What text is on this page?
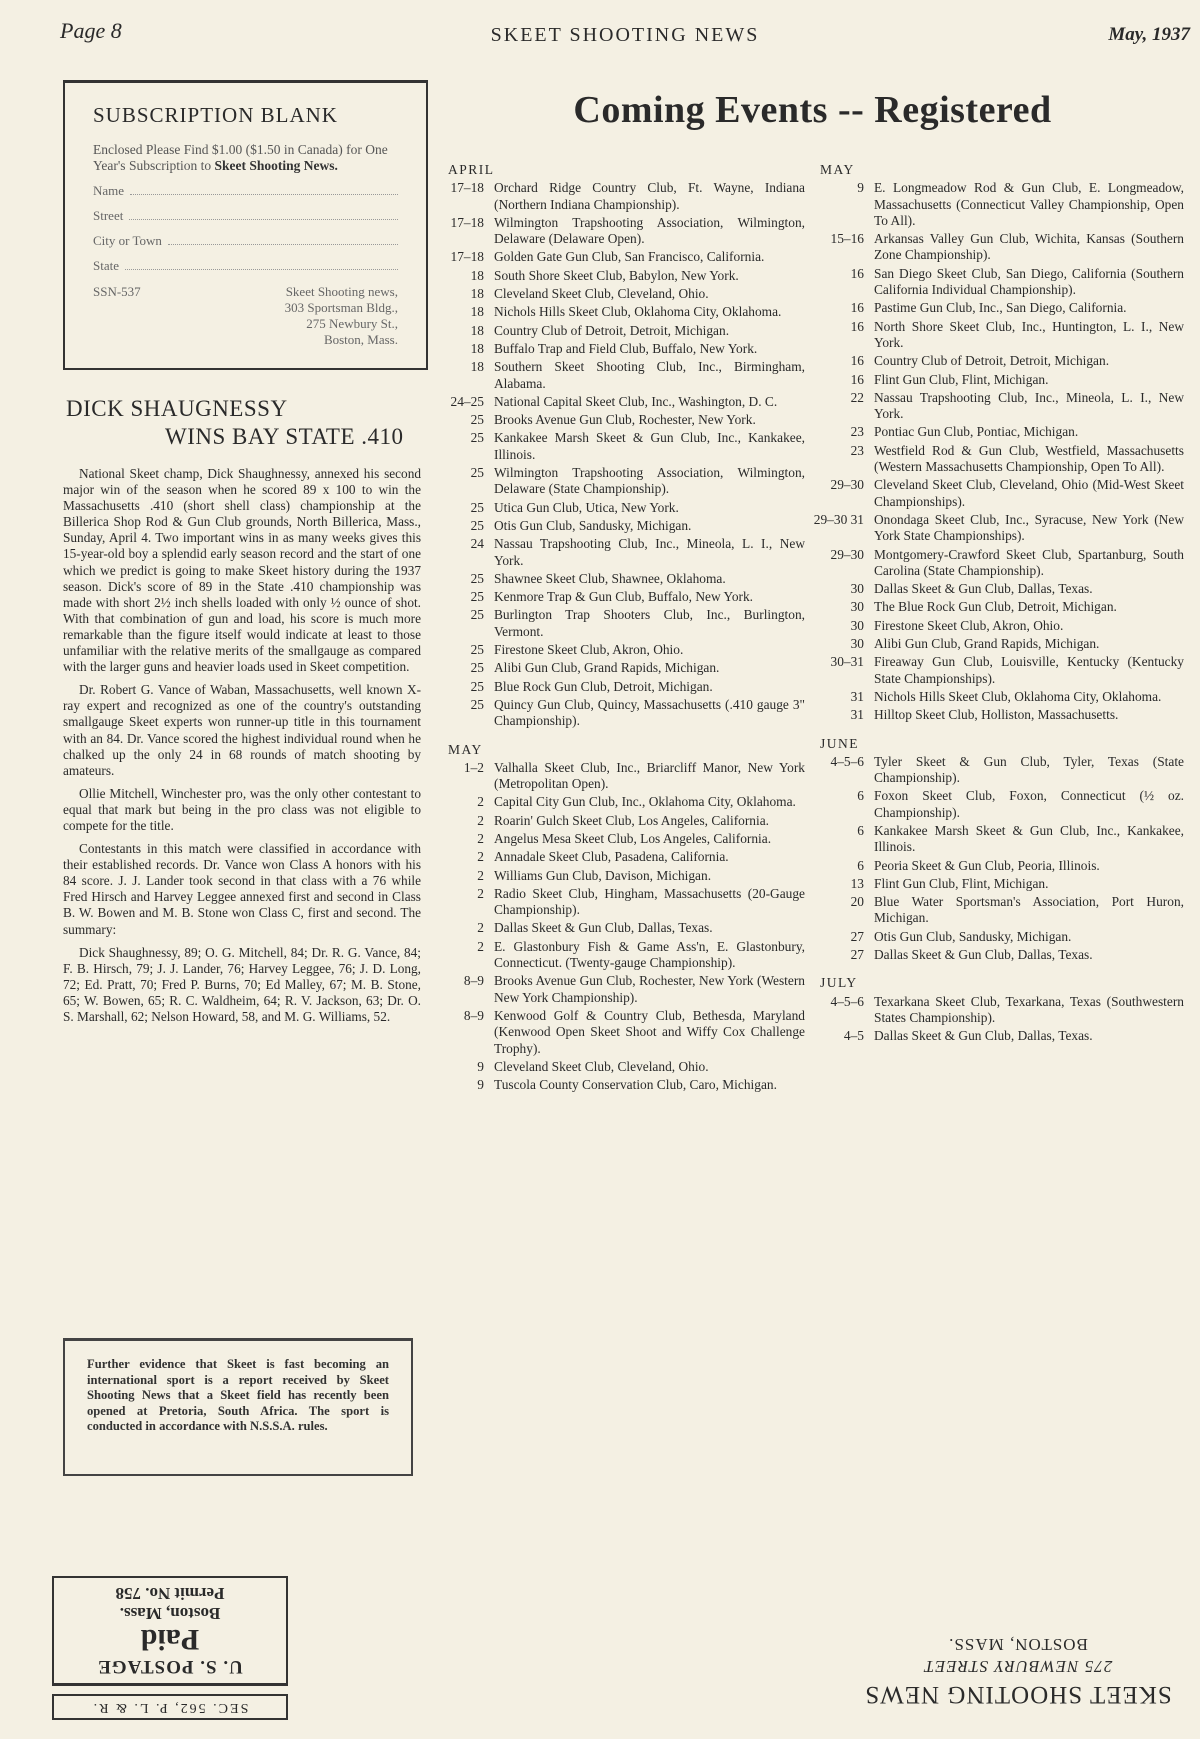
Page 8	SKEET SHOOTING NEWS	May, 1937
SUBSCRIPTION BLANK
Enclosed Please Find $1.00 ($1.50 in Canada) for One Year's Subscription to Skeet Shooting News.
Name
Street
City or Town
State
SSN-537	Skeet Shooting news,
303 Sportsman Bldg.,
275 Newbury St.,
Boston, Mass.
DICK SHAUGNESSY
WINS BAY STATE .410

National Skeet champ, Dick Shaughnessy, annexed his second major win of the season when he scored 89 x 100 to win the Massachusetts .410 (short shell class) championship at the Billerica Shop Rod & Gun Club grounds, North Billerica, Mass., Sunday, April 4. Two important wins in as many weeks gives this 15-year-old boy a splendid early season record and the start of one which we predict is going to make Skeet history during the 1937 season. Dick's score of 89 in the State .410 championship was made with short 2½ inch shells loaded with only ½ ounce of shot. With that combination of gun and load, his score is much more remarkable than the figure itself would indicate at least to those unfamiliar with the relative merits of the smallgauge as compared with the larger guns and heavier loads used in Skeet competition.

Dr. Robert G. Vance of Waban, Massachusetts, well known X-ray expert and recognized as one of the country's outstanding smallgauge Skeet experts won runner-up title in this tournament with an 84. Dr. Vance scored the highest individual round when he chalked up the only 24 in 68 rounds of match shooting by amateurs.

Ollie Mitchell, Winchester pro, was the only other contestant to equal that mark but being in the pro class was not eligible to compete for the title.

Contestants in this match were classified in accordance with their established records. Dr. Vance won Class A honors with his 84 score. J. J. Lander took second in that class with a 76 while Fred Hirsch and Harvey Leggee annexed first and second in Class B. W. Bowen and M. B. Stone won Class C, first and second. The summary:

Dick Shaughnessy, 89; O. G. Mitchell, 84; Dr. R. G. Vance, 84; F. B. Hirsch, 79; J. J. Lander, 76; Harvey Leggee, 76; J. D. Long, 72; Ed. Pratt, 70; Fred P. Burns, 70; Ed Malley, 67; M. B. Stone, 65; W. Bowen, 65; R. C. Waldheim, 64; R. V. Jackson, 63; Dr. O. S. Marshall, 62; Nelson Howard, 58, and M. G. Williams, 52.

Further evidence that Skeet is fast becoming an international sport is a report received by Skeet Shooting News that a Skeet field has recently been opened at Pretoria, South Africa. The sport is conducted in accordance with N.S.S.A. rules.
SEC. 562, P. L. & R.
U. S. POSTAGE
Paid
Boston, Mass.
Permit No. 758
SKEET SHOOTING NEWS
275 NEWBURY STREET
BOSTON, MASS.
Coming Events -- Registered
APRIL
17–18 Orchard Ridge Country Club, Ft. Wayne, Indiana (Northern Indiana Championship).
17–18 Wilmington Trapshooting Association, Wilmington, Delaware (Delaware Open).
17–18 Golden Gate Gun Club, San Francisco, California.
18 South Shore Skeet Club, Babylon, New York.
18 Cleveland Skeet Club, Cleveland, Ohio.
18 Nichols Hills Skeet Club, Oklahoma City, Oklahoma.
18 Country Club of Detroit, Detroit, Michigan.
18 Buffalo Trap and Field Club, Buffalo, New York.
18 Southern Skeet Shooting Club, Inc., Birmingham, Alabama.
24–25 National Capital Skeet Club, Inc., Washington, D. C.
25 Brooks Avenue Gun Club, Rochester, New York.
25 Kankakee Marsh Skeet & Gun Club, Inc., Kankakee, Illinois.
25 Wilmington Trapshooting Association, Wilmington, Delaware (State Championship).
25 Utica Gun Club, Utica, New York.
25 Otis Gun Club, Sandusky, Michigan.
24 Nassau Trapshooting Club, Inc., Mineola, L. I., New York.
25 Shawnee Skeet Club, Shawnee, Oklahoma.
25 Kenmore Trap & Gun Club, Buffalo, New York.
25 Burlington Trap Shooters Club, Inc., Burlington, Vermont.
25 Firestone Skeet Club, Akron, Ohio.
25 Alibi Gun Club, Grand Rapids, Michigan.
25 Blue Rock Gun Club, Detroit, Michigan.
25 Quincy Gun Club, Quincy, Massachusetts (.410 gauge 3" Championship).
MAY
1–2 Valhalla Skeet Club, Inc., Briarcliff Manor, New York (Metropolitan Open).
2 Capital City Gun Club, Inc., Oklahoma City, Oklahoma.
2 Roarin' Gulch Skeet Club, Los Angeles, California.
2 Angelus Mesa Skeet Club, Los Angeles, California.
2 Annadale Skeet Club, Pasadena, California.
2 Williams Gun Club, Davison, Michigan.
2 Radio Skeet Club, Hingham, Massachusetts (20-Gauge Championship).
2 Dallas Skeet & Gun Club, Dallas, Texas.
2 E. Glastonbury Fish & Game Ass'n, E. Glastonbury, Connecticut. (Twenty-gauge Championship).
8–9 Brooks Avenue Gun Club, Rochester, New York (Western New York Championship).
8–9 Kenwood Golf & Country Club, Bethesda, Maryland (Kenwood Open Skeet Shoot and Wiffy Cox Challenge Trophy).
9 Cleveland Skeet Club, Cleveland, Ohio.
9 Tuscola County Conservation Club, Caro, Michigan.
MAY
9 E. Longmeadow Rod & Gun Club, E. Longmeadow, Massachusetts (Connecticut Valley Championship, Open To All).
15–16 Arkansas Valley Gun Club, Wichita, Kansas (Southern Zone Championship).
16 San Diego Skeet Club, San Diego, California (Southern California Individual Championship).
16 Pastime Gun Club, Inc., San Diego, California.
16 North Shore Skeet Club, Inc., Huntington, L. I., New York.
16 Country Club of Detroit, Detroit, Michigan.
16 Flint Gun Club, Flint, Michigan.
22 Nassau Trapshooting Club, Inc., Mineola, L. I., New York.
23 Pontiac Gun Club, Pontiac, Michigan.
23 Westfield Rod & Gun Club, Westfield, Massachusetts (Western Massachusetts Championship, Open To All).
29–30 Cleveland Skeet Club, Cleveland, Ohio (Mid-West Skeet Championships).
29–30 31 Onondaga Skeet Club, Inc., Syracuse, New York (New York State Championships).
29–30 Montgomery-Crawford Skeet Club, Spartanburg, South Carolina (State Championship).
30 Dallas Skeet & Gun Club, Dallas, Texas.
30 The Blue Rock Gun Club, Detroit, Michigan.
30 Firestone Skeet Club, Akron, Ohio.
30 Alibi Gun Club, Grand Rapids, Michigan.
30–31 Fireaway Gun Club, Louisville, Kentucky (Kentucky State Championships).
31 Nichols Hills Skeet Club, Oklahoma City, Oklahoma.
31 Hilltop Skeet Club, Holliston, Massachusetts.
JUNE
4–5–6 Tyler Skeet & Gun Club, Tyler, Texas (State Championship).
6 Foxon Skeet Club, Foxon, Connecticut (½ oz. Championship).
6 Kankakee Marsh Skeet & Gun Club, Inc., Kankakee, Illinois.
6 Peoria Skeet & Gun Club, Peoria, Illinois.
13 Flint Gun Club, Flint, Michigan.
20 Blue Water Sportsman's Association, Port Huron, Michigan.
27 Otis Gun Club, Sandusky, Michigan.
27 Dallas Skeet & Gun Club, Dallas, Texas.
JULY
4–5–6 Texarkana Skeet Club, Texarkana, Texas (Southwestern States Championship).
4–5 Dallas Skeet & Gun Club, Dallas, Texas.
